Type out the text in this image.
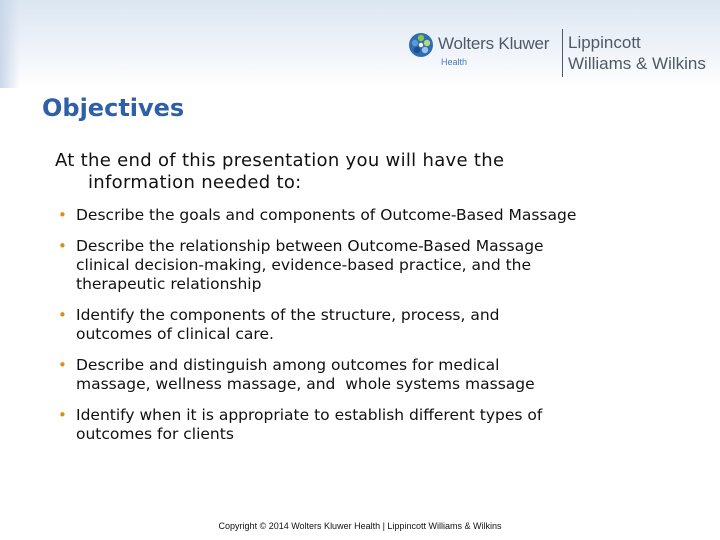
Wolters Kluwer
Health
Lippincott
Williams & Wilkins
Objectives

At the end of this presentation you will have the
information needed to:

• Describe the goals and components of Outcome-Based Massage
• Describe the relationship between Outcome-Based Massage
clinical decision-making, evidence-based practice, and the
therapeutic relationship
• Identify the components of the structure, process, and
outcomes of clinical care.
• Describe and distinguish among outcomes for medical
massage, wellness massage, and  whole systems massage
• Identify when it is appropriate to establish different types of
outcomes for clients
Copyright © 2014 Wolters Kluwer Health | Lippincott Williams & Wilkins
